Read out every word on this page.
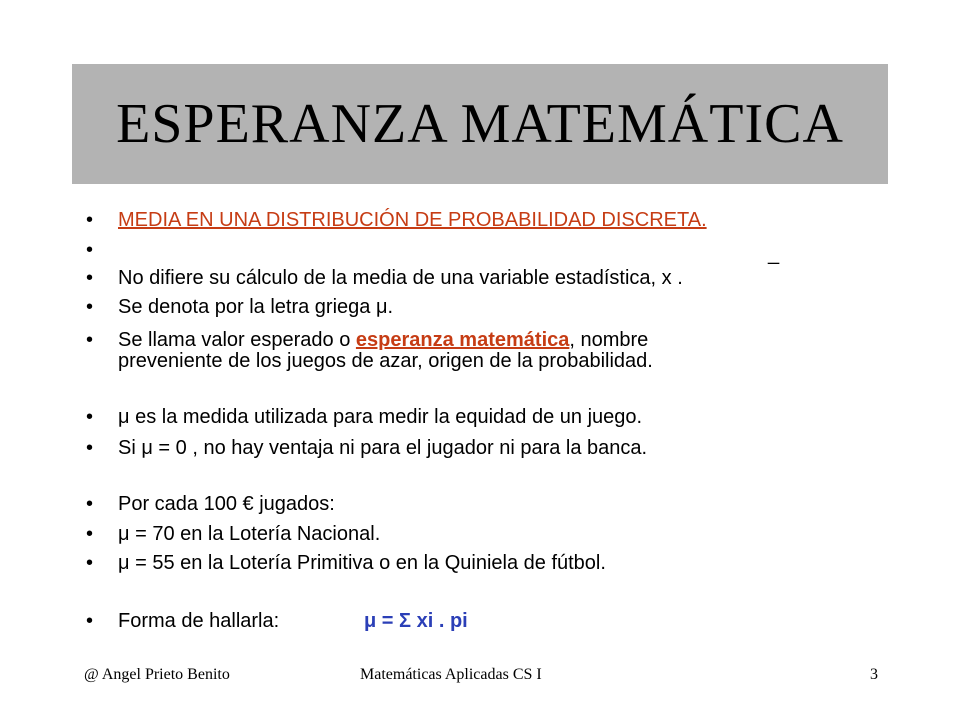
ESPERANZA MATEMÁTICA
• MEDIA EN UNA DISTRIBUCIÓN DE PROBABILIDAD DISCRETA.
•	_
• No difiere su cálculo de la media de una variable estadística, x .
• Se denota por la letra griega μ.
• Se llama valor esperado o esperanza matemática, nombre
preveniente de los juegos de azar, origen de la probabilidad.
• μ es la medida utilizada para medir la equidad de un juego.
• Si μ = 0 , no hay ventaja ni para el jugador ni para la banca.
• Por cada 100 € jugados:
• μ = 70 en la Lotería Nacional.
• μ = 55 en la Lotería Primitiva o en la Quiniela de fútbol.
• Forma de hallarla:	μ = Σ xi . pi
@ Angel Prieto Benito	Matemáticas Aplicadas CS I	3
